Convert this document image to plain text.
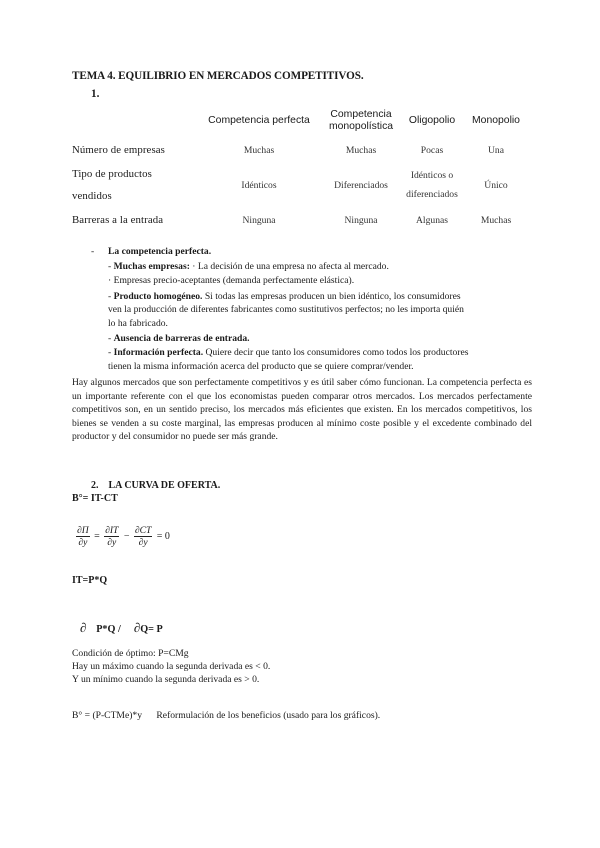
TEMA 4. EQUILIBRIO EN MERCADOS COMPETITIVOS.
1.
	Competencia perfecta	Competencia monopolística	Oligopolio	Monopolio
Número de empresas	Muchas	Muchas	Pocas	Una

Tipo de productos
vendidos	Idénticos	Diferenciados	Idénticos o diferenciados	Único
Barreras a la entrada	Ninguna	Ninguna	Algunas	Muchas
- La competencia perfecta.
- Muchas empresas: · La decisión de una empresa no afecta al mercado.
· Empresas precio-aceptantes (demanda perfectamente elástica).
- Producto homogéneo. Si todas las empresas producen un bien idéntico, los consumidores
ven la producción de diferentes fabricantes como sustitutivos perfectos; no les importa quién
lo ha fabricado.
- Ausencia de barreras de entrada.
- Información perfecta. Quiere decir que tanto los consumidores como todos los productores
tienen la misma información acerca del producto que se quiere comprar/vender.
Hay algunos mercados que son perfectamente competitivos y es útil saber cómo funcionan. La competencia perfecta es un importante referente con el que los economistas pueden comparar otros mercados. Los mercados perfectamente competitivos son, en un sentido preciso, los mercados más eficientes que existen. En los mercados competitivos, los bienes se venden a su coste marginal, las empresas producen al mínimo coste posible y el excedente combinado del productor y del consumidor no puede ser más grande.
2. LA CURVA DE OFERTA.
B°= IT-CT
$\frac{\partial\Pi}{\partial y} = \frac{\partial IT}{\partial y} - \frac{\partial CT}{\partial y} = 0$
IT=P*Q
∂ P*Q / ∂Q= P
Condición de óptimo: P=CMg
Hay un máximo cuando la segunda derivada es < 0.
Y un mínimo cuando la segunda derivada es > 0.
B° = (P-CTMe)*y Reformulación de los beneficios (usado para los gráficos).
